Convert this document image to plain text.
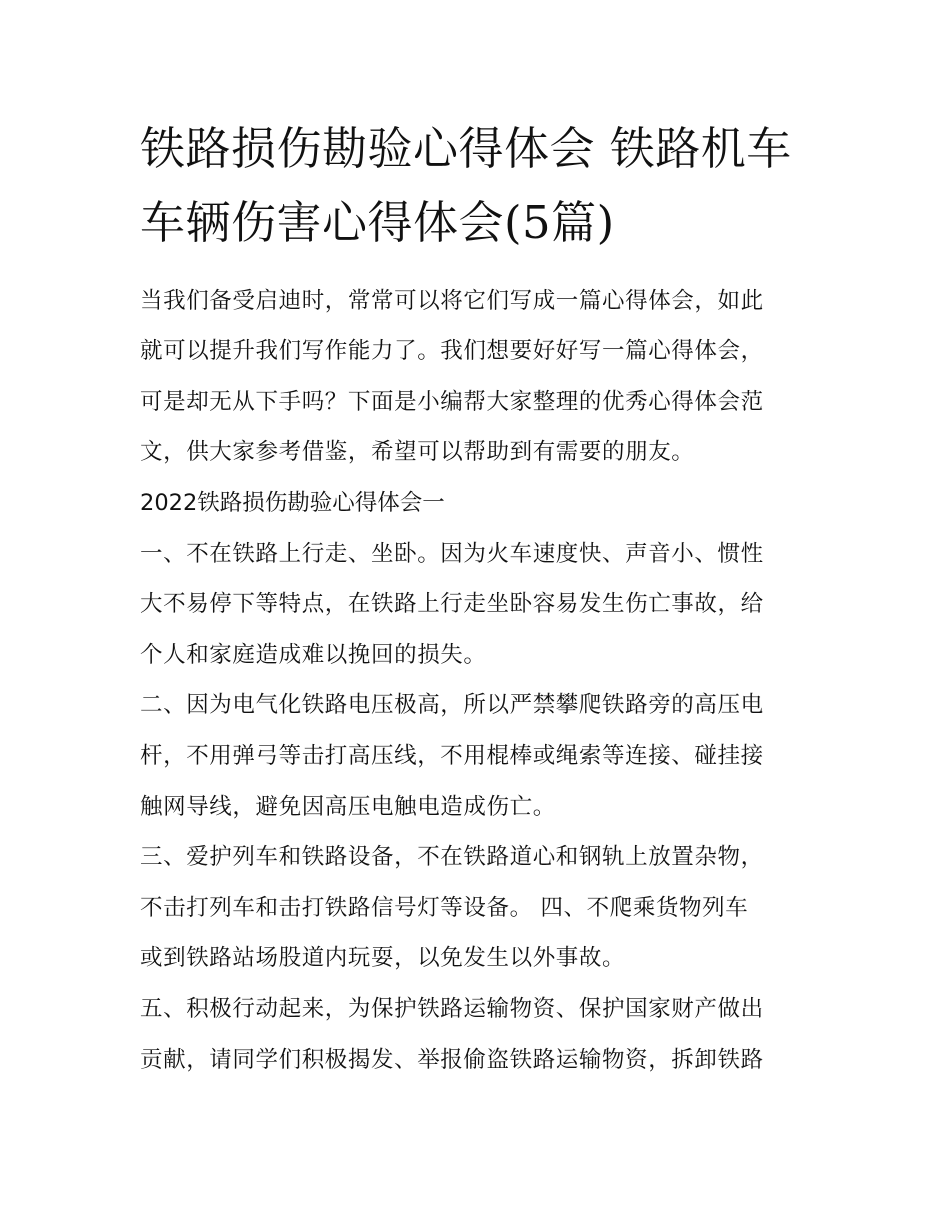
铁路损伤勘验心得体会 铁路机车车辆伤害心得体会(5篇)
当我们备受启迪时，常常可以将它们写成一篇心得体会，如此
就可以提升我们写作能力了。我们想要好好写一篇心得体会，
可是却无从下手吗？下面是小编帮大家整理的优秀心得体会范
文，供大家参考借鉴，希望可以帮助到有需要的朋友。
2022铁路损伤勘验心得体会一
一、不在铁路上行走、坐卧。因为火车速度快、声音小、惯性
大不易停下等特点，在铁路上行走坐卧容易发生伤亡事故，给
个人和家庭造成难以挽回的损失。
二、因为电气化铁路电压极高，所以严禁攀爬铁路旁的高压电
杆，不用弹弓等击打高压线，不用棍棒或绳索等连接、碰挂接
触网导线，避免因高压电触电造成伤亡。
三、爱护列车和铁路设备，不在铁路道心和钢轨上放置杂物，
不击打列车和击打铁路信号灯等设备。 四、不爬乘货物列车
或到铁路站场股道内玩耍，以免发生以外事故。
五、积极行动起来，为保护铁路运输物资、保护国家财产做出
贡献，请同学们积极揭发、举报偷盗铁路运输物资，拆卸铁路
